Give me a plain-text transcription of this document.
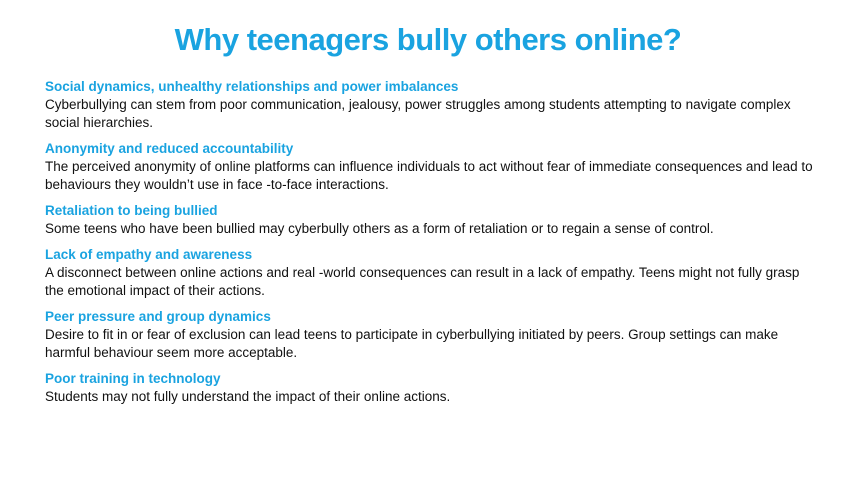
Why teenagers bully others online?

Social dynamics, unhealthy relationships and power imbalances

Cyberbullying can stem from poor communication, jealousy, power struggles among students attempting to navigate complex social hierarchies.

Anonymity and reduced accountability

The perceived anonymity of online platforms can influence individuals to act without fear of immediate consequences and lead to behaviours they wouldn’t use in face -to-face interactions.

Retaliation to being bullied

Some teens who have been bullied may cyberbully others as a form of retaliation or to regain a sense of control.

Lack of empathy and awareness

A disconnect between online actions and real -world consequences can result in a lack of empathy. Teens might not fully grasp the emotional impact of their actions.

Peer pressure and group dynamics

Desire to fit in or fear of exclusion can lead teens to participate in cyberbullying initiated by peers. Group settings can make harmful behaviour seem more acceptable.

Poor training in technology

Students may not fully understand the impact of their online actions.
